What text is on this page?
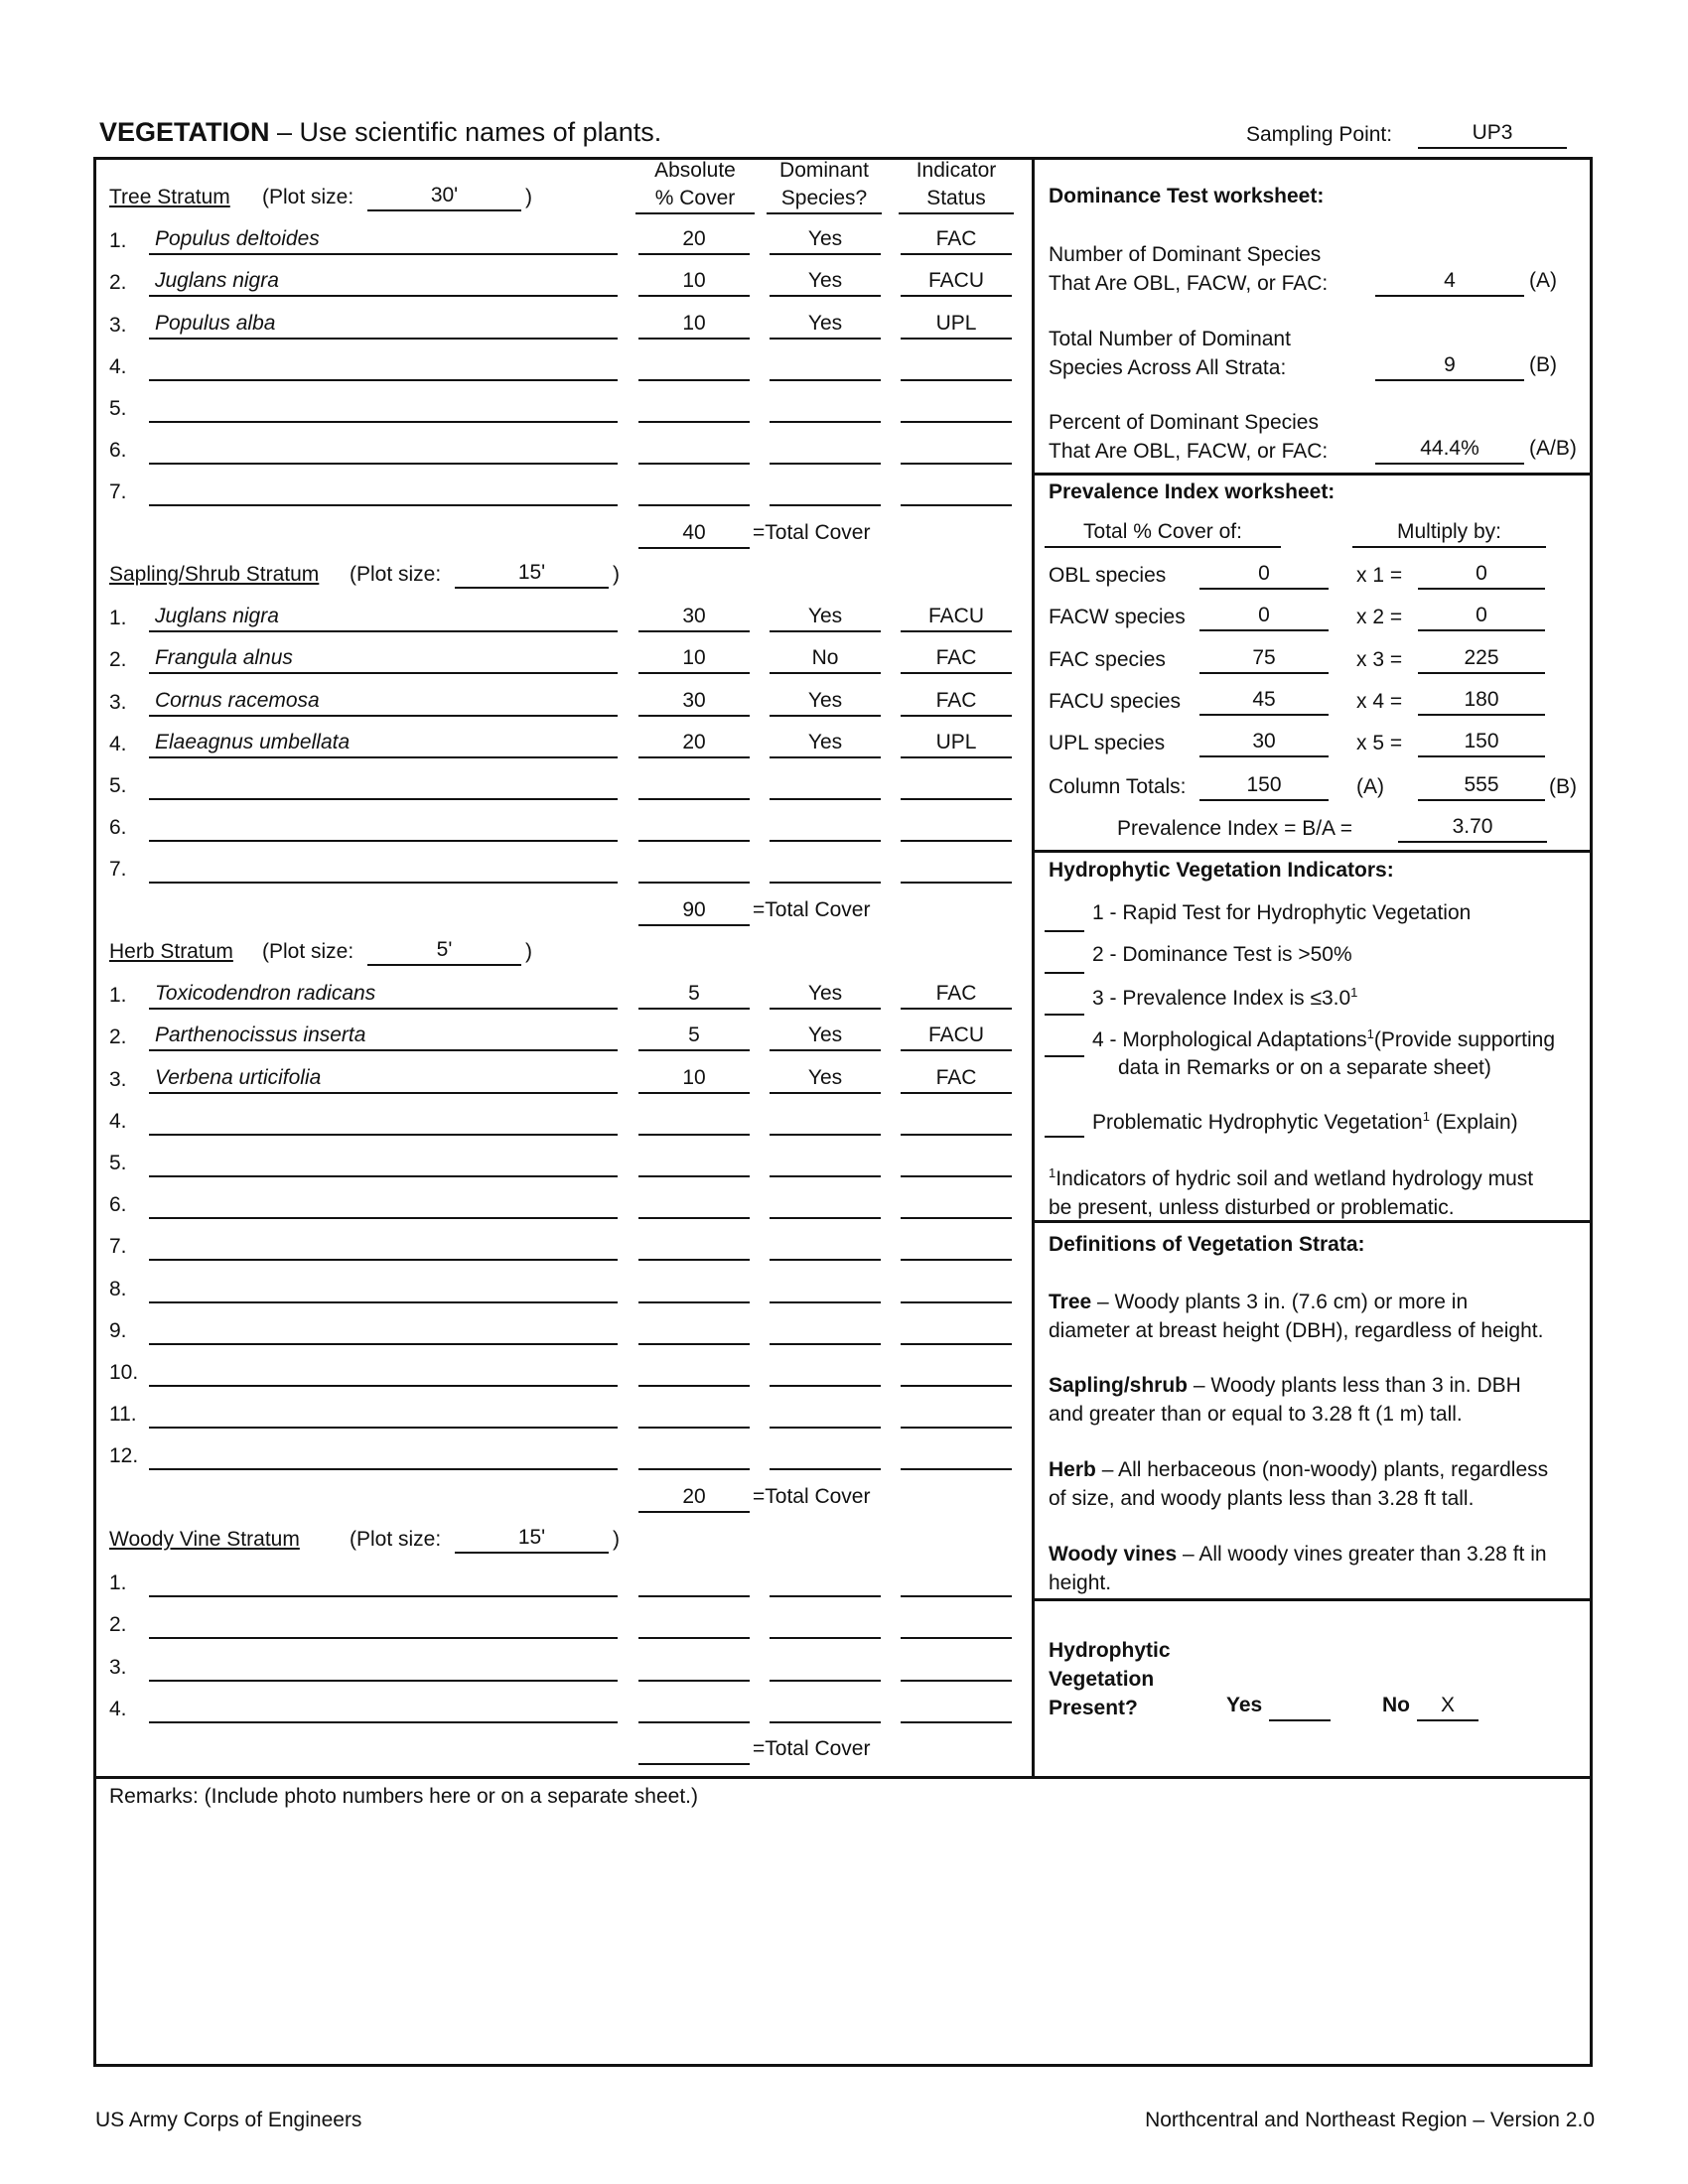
VEGETATION – Use scientific names of plants.	Sampling Point:	UP3
Absolute
% Cover
Dominant
Species?
Indicator
Status
Tree Stratum (Plot size:	30'	)
1. Populus deltoides	20	Yes	FAC
2. Juglans nigra	10	Yes	FACU
3. Populus alba	10	Yes	UPL
4.
5.
6.
7.
40	=Total Cover
Sapling/Shrub Stratum (Plot size:	15'	)
1. Juglans nigra	30	Yes	FACU
2. Frangula alnus	10	No	FAC
3. Cornus racemosa	30	Yes	FAC
4. Elaeagnus umbellata	20	Yes	UPL
5.
6.
7.
90	=Total Cover
Herb Stratum (Plot size:	5'	)
1. Toxicodendron radicans	5	Yes	FAC
2. Parthenocissus inserta	5	Yes	FACU
3. Verbena urticifolia	10	Yes	FAC
4.
5.
6.
7.
8.
9.
10.
11.
12.
20	=Total Cover
Woody Vine Stratum (Plot size:	15'	)
1.
2.
3.
4.
=Total Cover
Dominance Test worksheet:
Number of Dominant Species
That Are OBL, FACW, or FAC:	4	(A)
Total Number of Dominant
Species Across All Strata:	9	(B)
Percent of Dominant Species
That Are OBL, FACW, or FAC:	44.4%	(A/B)
Prevalence Index worksheet:
Total % Cover of:	Multiply by:
OBL species	0	x 1 =	0
FACW species	0	x 2 =	0
FAC species	75	x 3 =	225
FACU species	45	x 4 =	180
UPL species	30	x 5 =	150
Column Totals:	150	(A)	555	(B)
Prevalence Index = B/A =	3.70
Hydrophytic Vegetation Indicators:
1 - Rapid Test for Hydrophytic Vegetation
2 - Dominance Test is >50%
3 - Prevalence Index is $\le 3.0^1$
4 - Morphological Adaptations$^1$(Provide supporting
data in Remarks or on a separate sheet)
Problematic Hydrophytic Vegetation$^1$ (Explain)
$^1$Indicators of hydric soil and wetland hydrology must
be present, unless disturbed or problematic.
Definitions of Vegetation Strata:
Tree – Woody plants 3 in. (7.6 cm) or more in
diameter at breast height (DBH), regardless of height.
Sapling/shrub – Woody plants less than 3 in. DBH
and greater than or equal to 3.28 ft (1 m) tall.
Herb – All herbaceous (non-woody) plants, regardless
of size, and woody plants less than 3.28 ft tall.
Woody vines – All woody vines greater than 3.28 ft in
height.
Hydrophytic
Vegetation
Present?	Yes	No	X
Remarks: (Include photo numbers here or on a separate sheet.)
US Army Corps of Engineers	Northcentral and Northeast Region – Version 2.0
